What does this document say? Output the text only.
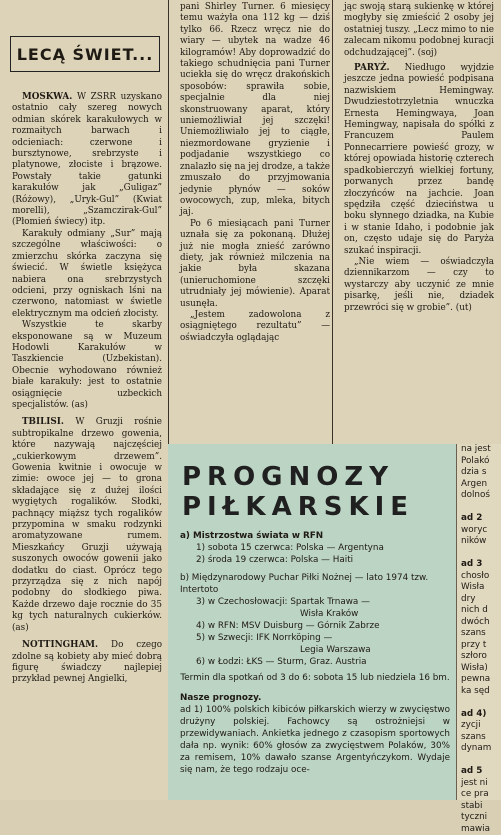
LECĄ ŚWIET...

MOSKWA. W ZSRR uzyskano ostatnio cały szereg nowych odmian skórek karakułowych w rozmaitych barwach i odcieniach: czerwone i bursztynowe, srebrzyste i platynowe, złociste i brązowe. Powstały takie gatunki karakułów jak „Guligaz” (Różowy), „Uryk-Gul” (Kwiat morelli), „Szamczirak-Gul” (Płomień świecy) itp.

Karakuły odmiany „Sur” mają szczególne właściwości: o zmierzchu skórka zaczyna się świecić. W świetle księżyca nabiera ona srebrzystych odcieni, przy ogniskach lśni na czerwono, natomiast w świetle elektrycznym ma odcień złocisty.

Wszystkie te skarby eksponowane są w Muzeum Hodowli Karakułów w Taszkiencie (Uzbekistan). Obecnie wyhodowano również białe karakuły: jest to ostatnie osiągnięcie uzbeckich specjalistów. (as)

TBILISI. W Gruzji rośnie subtropikalne drzewo gowenia, które nazywają najczęściej „cukierkowym drzewem”. Gowenia kwitnie i owocuje w zimie: owoce jej — to grona składające się z dużej ilości wygiętych rogalików. Słodki, pachnący miąższ tych rogalików przypomina w smaku rodzynki aromatyzowane rumem. Mieszkańcy Gruzji używają suszonych owoców gowenii jako dodatku do ciast. Oprócz tego przyrządza się z nich napój podobny do słodkiego piwa. Każde drzewo daje rocznie do 35 kg tych naturalnych cukierków. (as)

NOTTINGHAM. Do czego zdolne są kobiety aby mieć dobrą figurę świadczy najlepiej przykład pewnej Angielki,

pani Shirley Turner. 6 miesięcy temu ważyła ona 112 kg — dziś tylko 66. Rzecz wręcz nie do wiary — ubytek na wadze 46 kilogramów! Aby doprowadzić do takiego schudnięcia pani Turner uciekła się do wręcz drakońskich sposobów: sprawiła sobie, specjalnie dla niej skonstruowany aparat, który uniemożliwiał jej szczęki! Uniemożliwiało jej to ciągłe, niezmordowane gryzienie i podjadanie wszystkiego co znalazło się na jej drodze, a także zmuszało do przyjmowania jedynie płynów — soków owocowych, zup, mleka, bitych jaj.

Po 6 miesiącach pani Turner uznała się za pokonaną. Dłużej już nie mogła znieść zarówno diety, jak również milczenia na jakie była skazana (unieruchomione szczęki utrudniały jej mówienie). Aparat usunęła.

„Jestem zadowolona z osiągniętego rezultatu” — oświadczyła oglądając

jąc swoją starą sukienkę w której mogłyby się zmieścić 2 osoby jej ostatniej tuszy. „Lecz mimo to nie zalecam nikomu podobnej kuracji odchudzającej”. (soj)

PARYŻ. Niedługo wyjdzie jeszcze jedna powieść podpisana nazwiskiem Hemingway. Dwudziestotrzyletnia wnuczka Ernesta Hemingwaya, Joan Hemingway, napisała do spółki z Francuzem Paulem Ponnecarriere powieść grozy, w której opowiada historię czterech spadkobierczyń wielkiej fortuny, porwanych przez bandę złoczyńców na jachcie. Joan spędziła część dzieciństwa u boku słynnego dziadka, na Kubie i w stanie Idaho, i podobnie jak on, często udaje się do Paryża szukać inspiracji.

„Nie wiem — oświadczyła dziennikarzom — czy to wystarczy aby uczynić ze mnie pisarkę, jeśli nie, dziadek przewróci się w grobie”. (ut)

PROGNOZY
PIŁKARSKIE

a) Mistrzostwa świata w RFN

1) sobota 15 czerwca: Polska — Argentyna

2) środa 19 czerwca: Polska — Haiti

b) Międzynarodowy Puchar Piłki Nożnej — lato 1974 tzw. Intertoto

3) w Czechosłowacji: Spartak Trnawa —

Wisła Kraków

4) w RFN: MSV Duisburg — Górnik Zabrze

5) w Szwecji: IFK Norrköping —

Legia Warszawa

6) w Łodzi: ŁKS — Sturm, Graz. Austria

Termin dla spotkań od 3 do 6: sobota 15 lub niedziela 16 bm.

Nasze prognozy.

ad 1) 100% polskich kibiców piłkarskich wierzy w zwycięstwo drużyny polskiej. Fachowcy są ostrożniejsi w przewidywaniach. Ankietka jednego z czasopism sportowych dała np. wynik: 60% głosów za zwycięstwem Polaków, 30% za remisem, 10% dawało szanse Argentyńczykom. Wydaje się nam, że tego rodzaju oce-

na jest

Polakó

dzia s

Argen

dolnoś

ad 2

woryc

ników

ad 3

chosło

Wisła

dry

nich d

dwóch

szans

przy t

szłoro

Wisła)

pewna

ka sęd

ad 4)

zycji

szans

dynam

ad 5

jest ni

ce pra

stabi

tyczni

mawia
